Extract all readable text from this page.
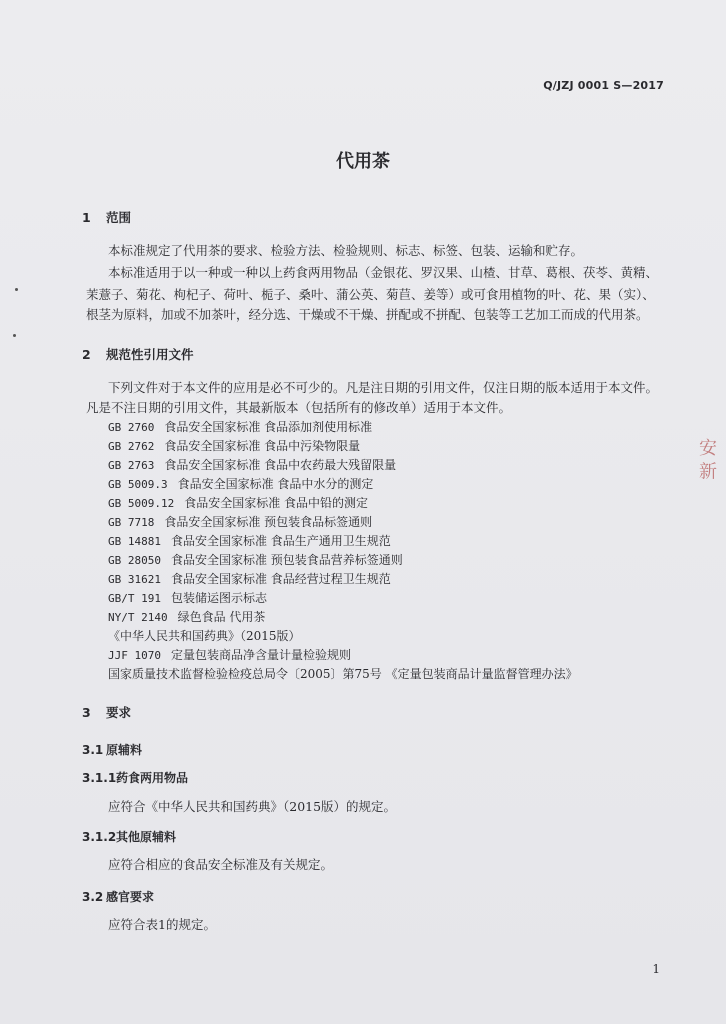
Q/JZJ 0001 S—2017
代用茶
1 范围
本标准规定了代用茶的要求、检验方法、检验规则、标志、标签、包装、运输和贮存。
本标准适用于以一种或一种以上药食两用物品（金银花、罗汉果、山楂、甘草、葛根、茯苓、黄精、
茉薏子、菊花、枸杞子、荷叶、栀子、桑叶、蒲公英、菊苣、姜等）或可食用植物的叶、花、果（实）、
根茎为原料，加或不加茶叶，经分选、干燥或不干燥、拼配或不拼配、包装等工艺加工而成的代用茶。
2 规范性引用文件
下列文件对于本文件的应用是必不可少的。凡是注日期的引用文件，仅注日期的版本适用于本文件。
凡是不注日期的引用文件，其最新版本（包括所有的修改单）适用于本文件。
GB 2760 食品安全国家标准 食品添加剂使用标准
GB 2762 食品安全国家标准 食品中污染物限量
GB 2763 食品安全国家标准 食品中农药最大残留限量
GB 5009.3 食品安全国家标准 食品中水分的测定
GB 5009.12 食品安全国家标准 食品中铅的测定
GB 7718 食品安全国家标准 预包装食品标签通则
GB 14881 食品安全国家标准 食品生产通用卫生规范
GB 28050 食品安全国家标准 预包装食品营养标签通则
GB 31621 食品安全国家标准 食品经营过程卫生规范
GB/T 191 包装储运图示标志
NY/T 2140 绿色食品 代用茶
《中华人民共和国药典》（2015版）
JJF 1070 定量包装商品净含量计量检验规则
国家质量技术监督检验检疫总局令〔2005〕第75号 《定量包装商品计量监督管理办法》
3 要求
3.1 原辅料
3.1.1药食两用物品
应符合《中华人民共和国药典》（2015版）的规定。
3.1.2其他原辅料
应符合相应的食品安全标准及有关规定。
3.2 感官要求
应符合表1的规定。
1
安 新
